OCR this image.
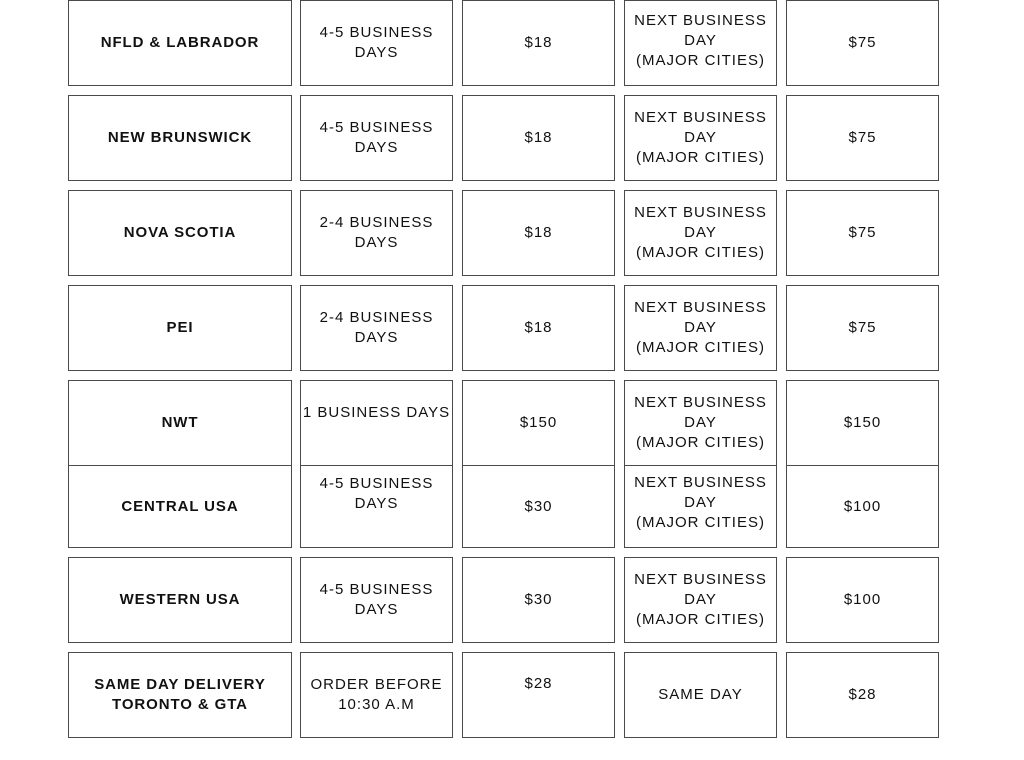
NFLD & LABRADOR
4-5 BUSINESS
DAYS
$18
NEXT BUSINESS
DAY
(MAJOR CITIES)
$75
NEW BRUNSWICK
4-5 BUSINESS
DAYS
$18
NEXT BUSINESS
DAY
(MAJOR CITIES)
$75
NOVA SCOTIA
2-4 BUSINESS
DAYS
$18
NEXT BUSINESS
DAY
(MAJOR CITIES)
$75
PEI
2-4 BUSINESS
DAYS
$18
NEXT BUSINESS
DAY
(MAJOR CITIES)
$75
NWT
1 BUSINESS DAYS
$150
NEXT BUSINESS
DAY
(MAJOR CITIES)
$150
CENTRAL USA
4-5 BUSINESS
DAYS	$30
NEXT BUSINESS
DAY
(MAJOR CITIES)
$100
WESTERN USA
4-5 BUSINESS
DAYS
$30
NEXT BUSINESS
DAY
(MAJOR CITIES)
$100
SAME DAY DELIVERY
TORONTO & GTA
ORDER BEFORE
10:30 A.M
$28
SAME DAY	$28
